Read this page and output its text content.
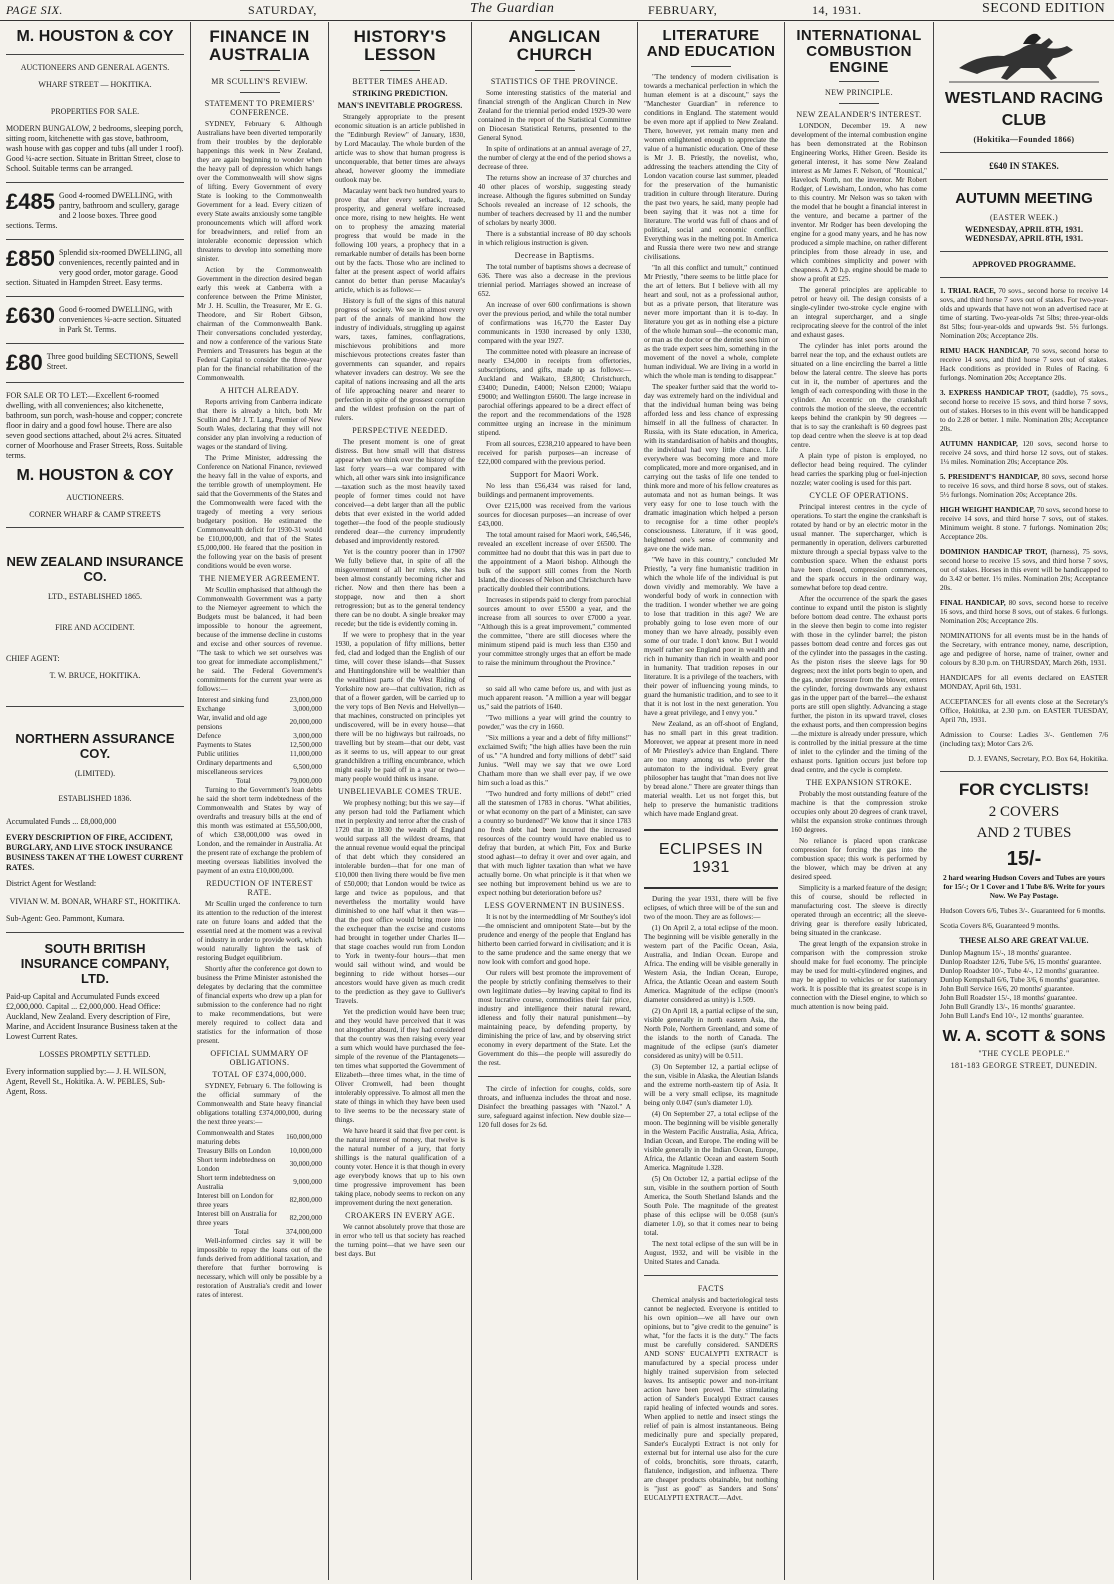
PAGE SIX.	SATURDAY,	The Guardian	FEBRUARY,	14, 1931.	SECOND EDITION
M. HOUSTON & COY
AUCTIONEERS AND GENERAL AGENTS.
WHARF STREET — HOKITIKA.
PROPERTIES FOR SALE.
MODERN BUNGALOW, 2 bedrooms, sleeping porch, sitting room, kitchenette with gas stove, bathroom, wash house with gas copper and tubs (all under 1 roof). Good ¼-acre section. Situate in Brittan Street, close to School. Suitable terms can be arranged.
£485 Good 4-roomed DWELLING, with pantry, bathroom and scullery, garage and 2 loose boxes. Three good sections. Terms.
£850 Splendid six-roomed DWELLING, all conveniences, recently painted and in very good order, motor garage. Good section. Situated in Hampden Street. Easy terms.
£630 Good 6-roomed DWELLING, with conveniences ¼-acre section. Situated in Park St. Terms.
£80 Three good building SECTIONS, Sewell Street.
FOR SALE OR TO LET:—Excellent 6-roomed dwelling, with all conveniences; also kitchenette, bathroom, sun porch, wash-house and copper; concrete floor in dairy and a good fowl house. There are also seven good sections attached, about 2¼ acres. Situated corner of Moorhouse and Fraser Streets, Ross. Suitable terms.
M. HOUSTON & COY
AUCTIONEERS.
CORNER WHARF & CAMP STREETS
NEW ZEALAND INSURANCE CO.
LTD., ESTABLISHED 1865.
FIRE AND ACCIDENT.
CHIEF AGENT:
T. W. BRUCE, HOKITIKA.
NORTHERN ASSURANCE COY.
(LIMITED).
ESTABLISHED 1836.
Accumulated Funds ... £8,000,000
EVERY DESCRIPTION OF FIRE, ACCIDENT, BURGLARY, AND LIVE STOCK INSURANCE BUSINESS TAKEN AT THE LOWEST CURRENT RATES.
District Agent for Westland:
VIVIAN W. M. BONAR, WHARF ST., HOKITIKA.
Sub-Agent: Geo. Pammont, Kumara.
SOUTH BRITISH INSURANCE COMPANY, LTD.
Paid-up Capital and Accumulated Funds exceed £2,000,000. Capital ... £2,000,000. Head Office: Auckland, New Zealand. Every description of Fire, Marine, and Accident Insurance Business taken at the Lowest Current Rates.
LOSSES PROMPTLY SETTLED.
Every information supplied by:— J. H. WILSON, Agent, Revell St., Hokitika. A. W. PEBLES, Sub-Agent, Ross.
FINANCE IN AUSTRALIA
MR SCULLIN'S REVIEW.
STATEMENT TO PREMIERS' CONFERENCE.

SYDNEY, February 6. Although Australians have been diverted temporarily from their troubles by the deplorable happenings this week in New Zealand, they are again beginning to wonder when the heavy pall of depression which hangs over the Commonwealth will show signs of lifting. Every Government of every State is looking to the Commonwealth Government for a lead. Every citizen of every State awaits anxiously some tangible pronouncements which will afford work for breadwinners, and relief from an intolerable economic depression which threatens to develop into something more sinister.

Action by the Commonwealth Government in the direction desired began early this week at Canberra with a conference between the Prime Minister, Mr J. H. Scullin, the Treasurer, Mr E. G. Theodore, and Sir Robert Gibson, chairman of the Commonwealth Bank. Their conversations concluded yesterday, and now a conference of the various State Premiers and Treasurers has begun at the Federal Capital to consider the three-year plan for the financial rehabilitation of the Commonwealth.

A HITCH ALREADY.

Reports arriving from Canberra indicate that there is already a hitch, both Mr Scullin and Mr J. T. Lang, Premier of New South Wales, declaring that they will not consider any plan involving a reduction of wages or the standard of living.

The Prime Minister, addressing the Conference on National Finance, reviewed the heavy fall in the value of exports, and the terrible growth of unemployment. He said that the Governments of the States and the Commonwealth were faced with the tragedy of meeting a very serious budgetary position. He estimated the Commonwealth deficit for 1930-31 would be £10,000,000, and that of the States £5,000,000. He feared that the position in the following year on the basis of present conditions would be even worse.

THE NIEMEYER AGREEMENT.

Mr Scullin emphasised that although the Commonwealth Government was a party to the Niemeyer agreement to which the Budgets must be balanced, it had been impossible to honour the agreement, because of the immense decline in customs and excise and other sources of revenue. "The task to which we set ourselves was too great for immediate accomplishment," he said. The Federal Government's commitments for the current year were as follows:—

Interest and sinking fund	23,000,000
Exchange	3,000,000
War, invalid and old age pensions	20,000,000
Defence	3,000,000
Payments to States	12,500,000
Public utilities	11,000,000
Ordinary departments and miscellaneous services	6,500,000
Total	79,000,000

Turning to the Government's loan debts he said the short term indebtedness of the Commonwealth and States by way of overdrafts and treasury bills at the end of this month was estimated at £55,500,000, of which £38,000,000 was owed in London, and the remainder in Australia. At the present rate of exchange the problem of meeting overseas liabilities involved the payment of an extra £10,000,000.

REDUCTION OF INTEREST RATE.

Mr Scullin urged the conference to turn its attention to the reduction of the interest rate on future loans and added that the essential need at the moment was a revival of industry in order to provide work, which would naturally lighten the task of restoring Budget equilibrium.

Shortly after the conference got down to business the Prime Minister astonished the delegates by declaring that the committee of financial experts who drew up a plan for submission to the conference had no right to make recommendations, but were merely required to collect data and statistics for the information of those present.

OFFICIAL SUMMARY OF OBLIGATIONS.
TOTAL OF £374,000,000.

SYDNEY, February 6. The following is the official summary of the Commonwealth and State heavy financial obligations totalling £374,000,000, during the next three years:—

Commonwealth and States maturing debts	160,000,000
Treasury Bills on London	10,000,000
Short term indebtedness on London	30,000,000
Short term indebtedness on Australia	9,000,000
Interest bill on London for three years	82,800,000
Interest bill on Australia for three years	82,200,000
Total	374,000,000

Well-informed circles say it will be impossible to repay the loans out of the funds derived from additional taxation, and therefore that further borrowing is necessary, which will only be possible by a restoration of Australia's credit and lower rates of interest.

HISTORY'S LESSON
BETTER TIMES AHEAD.
STRIKING PREDICTION.
MAN'S INEVITABLE PROGRESS.

Strangely appropriate to the present economic situation is an article published in the "Edinburgh Review" of January, 1830, by Lord Macaulay. The whole burden of the article was to show that human progress is unconquerable, that better times are always ahead, however gloomy the immediate outlook may be.

Macaulay went back two hundred years to prove that after every setback, trade, prosperity, and general welfare increased once more, rising to new heights. He went on to prophesy the amazing material progress that would be made in the following 100 years, a prophecy that in a remarkable number of details has been borne out by the facts. Those who are inclined to falter at the present aspect of world affairs cannot do better than peruse Macaulay's article, which is as follows:—

History is full of the signs of this natural progress of society. We see in almost every part of the annals of mankind how the industry of individuals, struggling up against wars, taxes, famines, conflagrations, mischievous prohibitions and more mischievous protections creates faster than governments can squander, and repairs whatever invaders can destroy. We see the capital of nations increasing and all the arts of life approaching nearer and nearer to perfection in spite of the grossest corruption and the wildest profusion on the part of rulers.

PERSPECTIVE NEEDED.

The present moment is one of great distress. But how small will that distress appear when we think over the history of the last forty years—a war compared with which, all other wars sink into insignificance—taxation such as the most heavily taxed people of former times could not have conceived—a debt larger than all the public debts that ever existed in the world added together—the food of the people studiously rendered dear—the currency imprudently debased and improvidently restored.

Yet is the country poorer than in 1790? We fully believe that, in spite of all the misgovernment of all her rulers, she has been almost constantly becoming richer and richer. Now and then there has been a stoppage, now and then a short retrogression; but as to the general tendency there can be no doubt. A single breaker may recede; but the tide is evidently coming in.

If we were to prophesy that in the year 1930, a population of fifty millions, better fed, clad and lodged than the English of our time, will cover these islands—that Sussex and Huntingdonshire will be wealthier than the wealthiest parts of the West Riding of Yorkshire now are—that cultivation, rich as that of a flower garden, will be carried up to the very tops of Ben Nevis and Helvellyn—that machines, constructed on principles yet undiscovered, will be in every house—that there will be no highways but railroads, no travelling but by steam—that our debt, vast as it seems to us, will appear to our great grandchildren a trifling encumbrance, which might easily be paid off in a year or two—many people would think us insane.

UNBELIEVABLE COMES TRUE.

We prophesy nothing; but this we say—if any person had told the Parliament which met in perplexity and terror after the crash of 1720 that in 1830 the wealth of England would surpass all the wildest dreams, that the annual revenue would equal the principal of that debt which they considered an intolerable burden—that for one man of £10,000 then living there would be five men of £50,000; that London would be twice as large and twice as populous, and that nevertheless the mortality would have diminished to one half what it then was—that the post office would bring more into the exchequer than the excise and customs had brought in together under Charles II—that stage coaches would run from London to York in twenty-four hours—that men would sail without wind, and would be beginning to ride without horses—our ancestors would have given as much credit to the prediction as they gave to Gulliver's Travels.

Yet the prediction would have been true; and they would have perceived that it was not altogether absurd, if they had considered that the country was then raising every year a sum which would have purchased the fee-simple of the revenue of the Plantagenets—ten times what supported the Government of Elizabeth—three times what, in the time of Oliver Cromwell, had been thought intolerably oppressive. To almost all men the state of things in which they have been used to live seems to be the necessary state of things.

We have heard it said that five per cent. is the natural interest of money, that twelve is the natural number of a jury, that forty shillings is the natural qualification of a county voter. Hence it is that though in every age everybody knows that up to his own time progressive improvement has been taking place, nobody seems to reckon on any improvement during the next generation.

CROAKERS IN EVERY AGE.

We cannot absolutely prove that those are in error who tell us that society has reached the turning point—that we have seen our best days. But

ANGLICAN CHURCH
STATISTICS OF THE PROVINCE.

Some interesting statistics of the material and financial strength of the Anglican Church in New Zealand for the triennial period ended 1929-30 were contained in the report of the Statistical Committee on Diocesan Statistical Returns, presented to the General Synod.

In spite of ordinations at an annual average of 27, the number of clergy at the end of the period shows a decrease of three.

The returns show an increase of 37 churches and 40 other places of worship, suggesting steady increase. Although the figures submitted on Sunday Schools revealed an increase of 12 schools, the number of teachers decreased by 11 and the number of scholars by nearly 3000.

There is a substantial increase of 80 day schools in which religious instruction is given.

Decrease in Baptisms.

The total number of baptisms shows a decrease of 636. There was also a decrease in the previous triennial period. Marriages showed an increase of 652.

An increase of over 600 confirmations is shown over the previous period, and while the total number of confirmations was 16,770 the Easter Day communicants in 1930 increased by only 1330, compared with the year 1927.

The committee noted with pleasure an increase of nearly £34,000 in receipts from offertories, subscriptions, and gifts, made up as follows:—Auckland and Waikato, £8,800; Christchurch, £3400; Dunedin, £4000; Nelson £2000; Waiapu £9000; and Wellington £6600. The large increase in parochial offerings appeared to be a direct effect of the report and the recommendations of the 1928 committee urging an increase in the minimum stipend.

From all sources, £238,210 appeared to have been received for parish purposes—an increase of £22,000 compared with the previous period.

Support for Maori Work.

No less than £56,434 was raised for land, buildings and permanent improvements.

Over £215,000 was received from the various sources for diocesan purposes—an increase of over £43,000.

The total amount raised for Maori work, £46,546, revealed an excellent increase of over £6500. The committee had no doubt that this was in part due to the appointment of a Maori bishop. Although the bulk of the support still comes from the North Island, the dioceses of Nelson and Christchurch have practically doubled their contributions.

Increases in stipends paid to clergy from parochial sources amount to over £5500 a year, and the increase from all sources to over £7000 a year. "Although this is a great improvement," commented the committee, "there are still dioceses where the minimum stipend paid is much less than £350 and your committee strongly urges that an effort be made to raise the minimum throughout the Province."

so said all who came before us, and with just as much apparent reason. "A million a year will beggar us," said the patriots of 1640.

"Two millions a year will grind the country to powder," was the cry in 1660.

"Six millions a year and a debt of fifty millions!" exclaimed Swift; "the high allies have been the ruin of us." "A hundred and forty millions of debt!" said Junius. "Well may we say that we owe Lord Chatham more than we shall ever pay, if we owe him such a load as this."

"Two hundred and forty millions of debt!" cried all the statesmen of 1783 in chorus. "What abilities, or what economy on the part of a Minister, can save a country so burdened?" We know that it since 1783 no fresh debt had been incurred the increased resources of the country would have enabled us to defray that burden, at which Pitt, Fox and Burke stood aghast—to defray it over and over again, and that with much lighter taxation than what we have actually borne. On what principle is it that when we see nothing but improvement behind us we are to expect nothing but deterioration before us?

LESS GOVERNMENT IN BUSINESS.

It is not by the intermeddling of Mr Southey's idol—the omniscient and omnipotent State—but by the prudence and energy of the people that England has hitherto been carried forward in civilisation; and it is to the same prudence and the same energy that we now look with comfort and good hope.

Our rulers will best promote the improvement of the people by strictly confining themselves to their own legitimate duties—by leaving capital to find its most lucrative course, commodities their fair price, industry and intelligence their natural reward, idleness and folly their natural punishment—by maintaining peace, by defending property, by diminishing the price of law, and by observing strict economy in every department of the State. Let the Government do this—the people will assuredly do the rest.

The circle of infection for coughs, colds, sore throats, and influenza includes the throat and nose. Disinfect the breathing passages with "Nazol." A sure, safeguard against infection. New double size—120 full doses for 2s 6d.

LITERATURE AND EDUCATION

"The tendency of modern civilisation is towards a mechanical perfection in which the human element is at a discount," says the "Manchester Guardian" in reference to conditions in England. The statement would be even more apt if applied to New Zealand. There, however, yet remain many men and women enlightened enough to appreciate the value of a humanistic education. One of these is Mr J. B. Priestly, the novelist, who, addressing the teachers attending the City of London vacation course last summer, pleaded for the preservation of the humanistic tradition in culture through literature. During the past two years, he said, many people had been saying that it was not a time for literature. The world was full of chaos and of political, social and economic conflict. Everything was in the melting pot. In America and Russia there were two new and strange civilisations.

"In all this conflict and tumult," continued Mr Priestly, "there seems to be little place for the art of letters. But I believe with all my heart and soul, not as a professional author, but as a private person, that literature was never more important than it is to-day. In literature you get as in nothing else a picture of the whole human soul—the economic man, or man as the doctor or the dentist sees him or as the trade expert sees him, something in the movement of the novel a whole, complete human individual. We are living in a world in which the whole man is tending to disappear."

The speaker further said that the world to-day was extremely hard on the individual and that the individual human being was being afforded less and less chance of expressing himself in all the fullness of character. In Russia, with its State education, in America, with its standardisation of habits and thoughts, the individual had very little chance. Life everywhere was becoming more and more complicated, more and more organised, and in carrying out the tasks of life one tended to think more and more of his fellow creatures as automata and not as human beings. It was very easy for one to lose touch with the dramatic imagination which helped a person to recognise for a time other people's consciousness. Literature, if it was good, heightened one's sense of community and gave one the wide man.

"We have in this country," concluded Mr Priestly, "a very fine humanistic tradition in which the whole life of the individual is put down vividly and memorably. We have a wonderful body of work in connection with the tradition. I wonder whether we are going to lose that tradition in this age? We are probably going to lose even more of our money than we have already, possibly even some of our trade. I don't know. But I would myself rather see England poor in wealth and rich in humanity than rich in wealth and poor in humanity. That tradition reposes in our literature. It is a privilege of the teachers, with their power of influencing young minds, to guard the humanistic tradition, and to see to it that it is not lost in the next generation. You have a great privilege, and I envy you."

New Zealand, as an off-shoot of England, has no small part in this great tradition. Moreover, we appear at present more in need of Mr Priestley's advice than England. There are too many among us who prefer the automaton to the individual. Every great philosopher has taught that "man does not live by bread alone." There are greater things than material wealth. Let us not forget this, but help to preserve the humanistic traditions which have made England great.

ECLIPSES IN 1931

During the year 1931, there will be five eclipses, of which three will be of the sun and two of the moon. They are as follows:—

(1) On April 2, a total eclipse of the moon. The beginning will be visible generally in the western part of the Pacific Ocean, Asia, Australia, and Indian Ocean. Europe and Africa. The ending will be visible generally in Western Asia, the Indian Ocean, Europe, Africa, the Atlantic Ocean and eastern South America. Magnitude of the eclipse (moon's diameter considered as unity) is 1.509.

(2) On April 18, a partial eclipse of the sun, visible generally in north eastern Asia, the North Pole, Northern Greenland, and some of the islands to the north of Canada. The magnitude of the eclipse (sun's diameter considered as unity) will be 0.511.

(3) On September 12, a partial eclipse of the sun, visible in Alaska, the Aleutian Islands and the extreme north-eastern tip of Asia. It will be a very small eclipse, its magnitude being only 0.047 (sun's diameter 1.0).

(4) On September 27, a total eclipse of the moon. The beginning will be visible generally in the Western Pacific Australia, Asia, Africa, Indian Ocean, and Europe. The ending will be visible generally in the Indian Ocean, Europe, Africa, the Atlantic Ocean and eastern South America. Magnitude 1.328.

(5) On October 12, a partial eclipse of the sun, visible in the southern portion of South America, the South Shetland Islands and the South Pole. The magnitude of the greatest phase of this eclipse will be 0.058 (sun's diameter 1.0), so that it comes near to being total.

The next total eclipse of the sun will be in August, 1932, and will be visible in the United States and Canada.

FACTS

Chemical analysis and bacteriological tests cannot be neglected. Everyone is entitled to his own opinion—we all have our own opinions, but to "give credit to the genuine" is what, "for the facts it is the duty." The facts must be carefully considered. SANDERS AND SONS' EUCALYPTI EXTRACT is manufactured by a special process under highly trained supervision from selected leaves. Its antiseptic power and non-irritant action have been proved. The stimulating action of Sander's Eucalypti Extract causes rapid healing of infected wounds and sores. When applied to nettle and insect stings the relief of pain is almost instantaneous. Being medicinally pure and specially prepared, Sander's Eucalypti Extract is not only for external but for internal use also for the cure of colds, bronchitis, sore throats, catarrh, flatulence, indigestion, and influenza. There are cheaper products obtainable, but nothing is "just as good" as Sanders and Sons' EUCALYPTI EXTRACT.—Advt.

INTERNATIONAL COMBUSTION ENGINE
NEW PRINCIPLE.
NEW ZEALANDER'S INTEREST.

LONDON, December 19. A new development of the internal combustion engine has been demonstrated at the Robinson Engineering Works, Hither Green. Beside its general interest, it has some New Zealand interest as Mr James F. Nelson, of "Rounical," Havelock North, not the inventor. Mr Robert Rodger, of Lewisham, London, who has come to this country. Mr Nelson was so taken with the model that he bought a financial interest in the venture, and became a partner of the inventor. Mr Rodger has been developing the engine for a good many years, and he has now produced a simple machine, on rather different principles from those already in use, and which combines simplicity and power with cheapness. A 20 h.p. engine should be made to show a profit at £25.

The general principles are applicable to petrol or heavy oil. The design consists of a single-cylinder two-stroke cycle engine with an integral supercharger, and a single reciprocating sleeve for the control of the inlet and exhaust gases.

The cylinder has inlet ports around the barrel near the top, and the exhaust outlets are situated on a line encircling the barrel a little below the lateral centre. The sleeve has ports cut in it, the number of apertures and the length of each corresponding with those in the cylinder. An eccentric on the crankshaft controls the motion of the sleeve, the eccentric keeps behind the crankpin by 90 degrees —that is to say the crankshaft is 60 degrees past top dead centre when the sleeve is at top dead centre.

A plain type of piston is employed, no deflector head being required. The cylinder head carries the sparking plug or fuel-injection nozzle; water cooling is used for this part.

CYCLE OF OPERATIONS.

Principal interest centres in the cycle of operations. To start the engine the crankshaft is rotated by hand or by an electric motor in the usual manner. The supercharger, which is permanently in operation, delivers carburetted mixture through a special bypass valve to the combustion space. When the exhaust ports have been closed, compression commences, and the spark occurs in the ordinary way, somewhat before top dead centre.

After the occurrence of the spark the gases continue to expand until the piston is slightly before bottom dead centre. The exhaust ports in the sleeve then begin to come into register with those in the cylinder barrel; the piston passes bottom dead centre and forces gas out of the cylinder into the passages in the casting. As the piston rises the sleeve lags for 90 degrees; next the inlet ports begin to open, and the gas, under pressure from the blower, enters the cylinder, forcing downwards any exhaust gas in the upper part of the barrel—the exhaust ports are still open slightly. Advancing a stage further, the piston in its upward travel, closes the exhaust ports, and then compression begins—the mixture is already under pressure, which is controlled by the initial pressure at the time of inlet to the cylinder and the timing of the exhaust ports. Ignition occurs just before top dead centre, and the cycle is complete.

THE EXPANSION STROKE.

Probably the most outstanding feature of the machine is that the compression stroke occupies only about 20 degrees of crank travel, whilst the expansion stroke continues through 160 degrees.

No reliance is placed upon crankcase compression for forcing the gas into the combustion space; this work is performed by the blower, which may be driven at any desired speed.

Simplicity is a marked feature of the design; this of course, should be reflected in manufacturing cost. The sleeve is directly operated through an eccentric; all the sleeve-driving gear is therefore easily lubricated, being situated in the crankcase.

The great length of the expansion stroke in comparison with the compression stroke should make for fuel economy. The principle may be used for multi-cylindered engines, and may be applied to vehicles or for stationary work. It is possible that its greatest scope is in connection with the Diesel engine, to which so much attention is now being paid.

WESTLAND RACING CLUB
(Hokitika—Founded 1866)
£640 IN STAKES.
AUTUMN MEETING
(EASTER WEEK.)
WEDNESDAY, APRIL 8TH, 1931. WEDNESDAY, APRIL 8TH, 1931.
APPROVED PROGRAMME.

1. TRIAL RACE, 70 sovs., second horse to receive 14 sovs, and third horse 7 sovs out of stakes. For two-year-olds and upwards that have not won an advertised race at time of starting. Two-year-olds 7st 5lbs; three-year-olds 8st 5lbs; four-year-olds and upwards 9st. 5½ furlongs. Nomination 20s; Acceptance 20s.

RIMU HACK HANDICAP, 70 sovs, second horse to receive 14 sovs, and third horse 7 sovs out of stakes. Hack conditions as provided in Rules of Racing. 6 furlongs. Nomination 20s; Acceptance 20s.

3. EXPRESS HANDICAP TROT, (saddle), 75 sovs., second horse to receive 15 sovs, and third horse 7 sovs, out of stakes. Horses to in this event will be handicapped to do 2.28 or better. 1 mile. Nomination 20s; Acceptance 20s.

AUTUMN HANDICAP, 120 sovs, second horse to receive 24 sovs, and third horse 12 sovs, out of stakes. 1¼ miles. Nomination 20s; Acceptance 20s.

5. PRESIDENT'S HANDICAP, 80 sovs, second horse to receive 16 sovs, and third horse 8 sovs, out of stakes. 5½ furlongs. Nomination 20s; Acceptance 20s.

HIGH WEIGHT HANDICAP, 70 sovs, second horse to receive 14 sovs, and third horse 7 sovs, out of stakes. Minimum weight. 8 stone. 7 furlongs. Nomination 20s; Acceptance 20s.

DOMINION HANDICAP TROT, (harness), 75 sovs, second horse to receive 15 sovs, and third horse 7 sovs, out of stakes. Horses in this event will be handicapped to do 3.42 or better. 1½ miles. Nomination 20s; Acceptance 20s.

FINAL HANDICAP, 80 sovs, second horse to receive 16 sovs, and third horse 8 sovs, out of stakes. 6 furlongs. Nomination 20s; Acceptance 20s.

NOMINATIONS for all events must be in the hands of the Secretary, with entrance money, name, description, age and pedigree of horse, name of trainer, owner and colours by 8.30 p.m. on THURSDAY, March 26th, 1931.

HANDICAPS for all events declared on EASTER MONDAY, April 6th, 1931.

ACCEPTANCES for all events close at the Secretary's Office, Hokitika, at 2.30 p.m. on EASTER TUESDAY, April 7th, 1931.

Admission to Course: Ladies 3/-. Gentlemen 7/6 (including tax); Motor Cars 2/6.

D. J. EVANS, Secretary, P.O. Box 64, Hokitika.

FOR CYCLISTS!
2 COVERS
AND 2 TUBES
15/-

2 hard wearing Hudson Covers and Tubes are yours for 15/-; Or 1 Cover and 1 Tube 8/6. Write for yours Now. We Pay Postage.

Hudson Covers 6/6, Tubes 3/-. Guaranteed for 6 months.

Scotia Covers 8/6, Guaranteed 9 months.

THESE ALSO ARE GREAT VALUE.

Dunlop Magnum 15/-, 18 months' guarantee.

Dunlop Roadster 12/6, Tube 5/6, 15 months' guarantee.

Dunlop Roadster 10/-, Tube 4/-, 12 months' guarantee.

Dunlop Kempshall 6/6, Tube 3/6, 6 months' guarantee.

John Bull Service 16/6, 20 months' guarantee.

John Bull Roadster 15/-, 18 months' guarantee.

John Bull Grandly 13/-, 16 months' guarantee.

John Bull Land's End 10/-, 12 months' guarantee.

W. A. SCOTT & SONS
"THE CYCLE PEOPLE."
181-183 GEORGE STREET, DUNEDIN.
